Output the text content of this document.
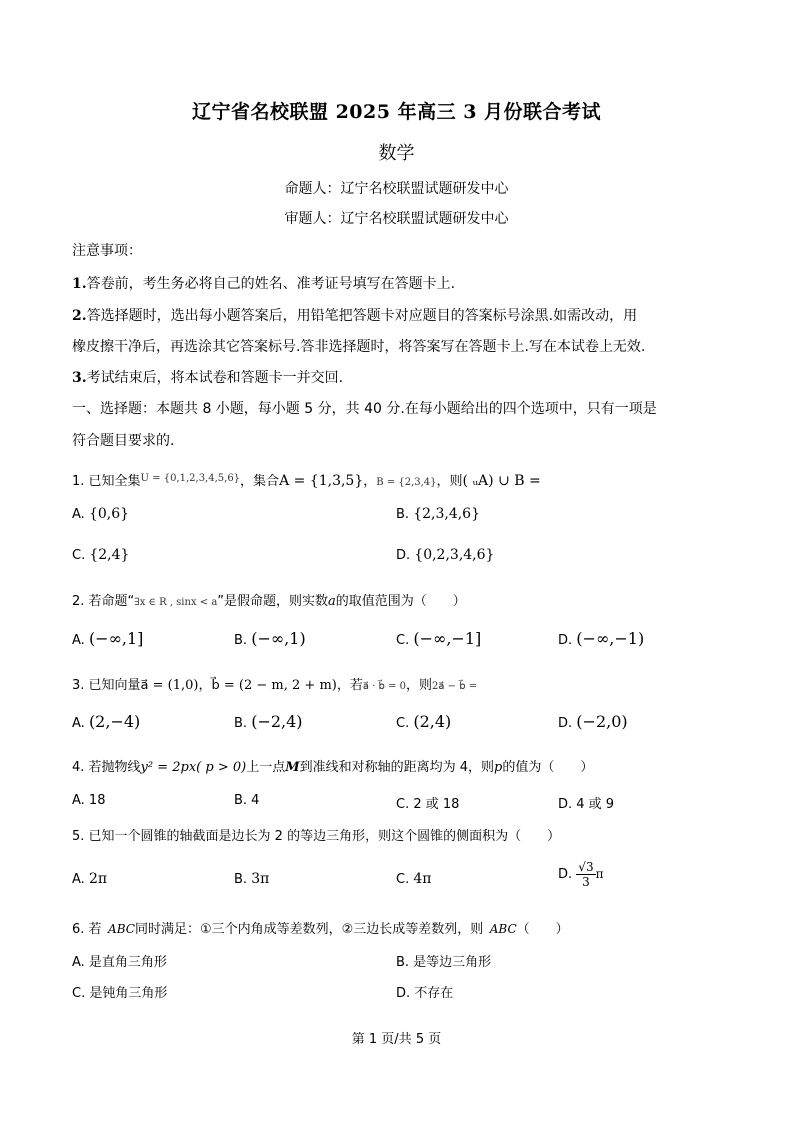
辽宁省名校联盟 2025 年高三 3 月份联合考试
数学
命题人：辽宁名校联盟试题研发中心
审题人：辽宁名校联盟试题研发中心
注意事项：
1.答卷前，考生务必将自己的姓名、准考证号填写在答题卡上.
2.答选择题时，选出每小题答案后，用铅笔把答题卡对应题目的答案标号涂黑.如需改动，用
橡皮擦干净后，再选涂其它答案标号.答非选择题时，将答案写在答题卡上.写在本试卷上无效.
3.考试结束后，将本试卷和答题卡一并交回.
一、选择题：本题共 8 小题，每小题 5 分，共 40 分.在每小题给出的四个选项中，只有一项是
符合题目要求的.
1. 已知全集$^{U = \{0,1,2,3,4,5,6\}}$，集合A = {1,3,5}，B = {2,3,4}，则( ᵤA) ∪ B =
A. {0,6}	B. {2,3,4,6}
C. {2,4}	D. {0,2,3,4,6}
2. 若命题“∃x ∈ R , sinx < a”是假命题，则实数a的取值范围为（　　）
A. (−∞,1]	B. (−∞,1)	C. (−∞,−1]	D. (−∞,−1)
3. 已知向量a⃗ = (1,0)，b⃗ = (2 − m, 2 + m)，若a⃗ · b⃗ = 0，则2a⃗ − b⃗ =
A. (2,−4)	B. (−2,4)	C. (2,4)	D. (−2,0)
4. 若抛物线y² = 2px( p > 0)上一点M到准线和对称轴的距离均为 4，则p的值为（　　）
A. 18	B. 4	C. 2 或 18	D. 4 或 9
5. 已知一个圆锥的轴截面是边长为 2 的等边三角形，则这个圆锥的侧面积为（　　）
A. 2π	B. 3π	C. 4π	D. $\frac{√3}{3}$ π
6. 若  ABC同时满足：①三个内角成等差数列，②三边长成等差数列，则  ABC（　　）
A. 是直角三角形	B. 是等边三角形
C. 是钝角三角形	D. 不存在
第 1 页/共 5 页
